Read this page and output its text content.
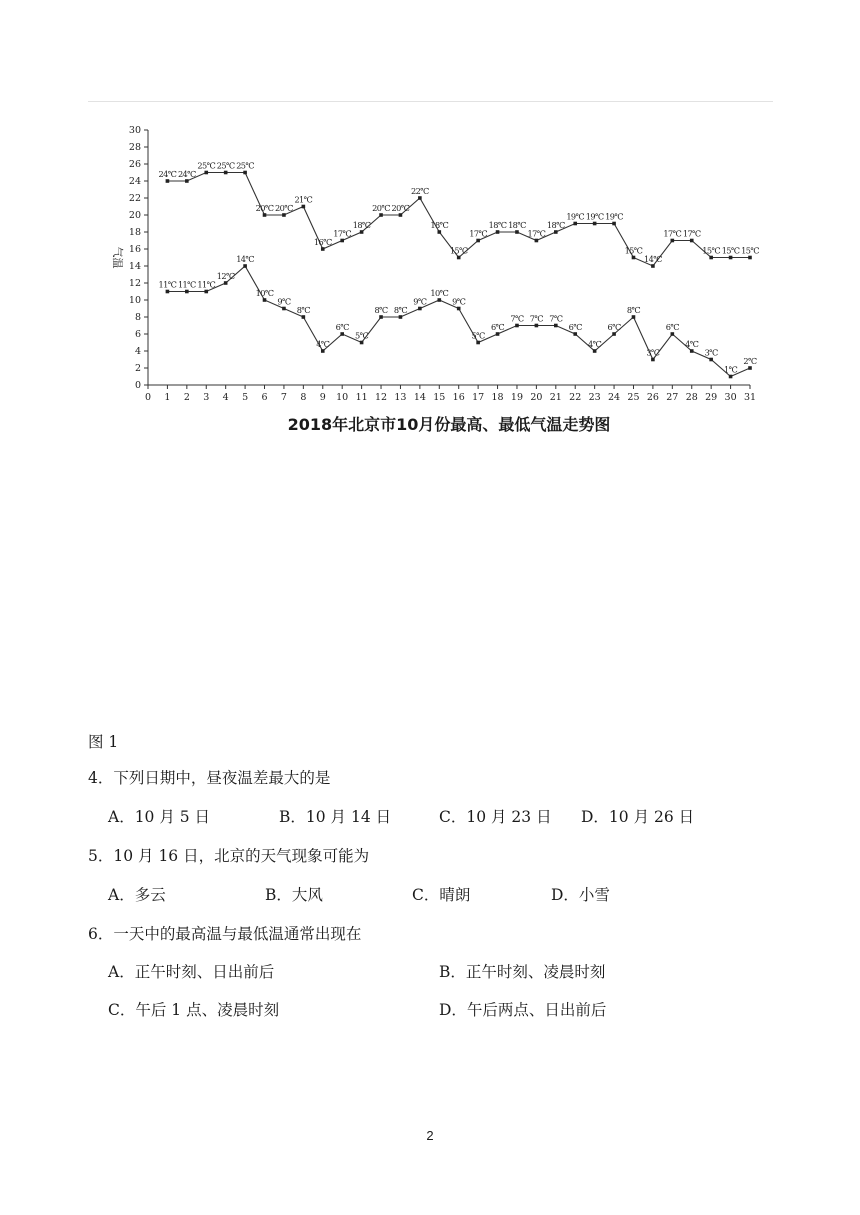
0
2
4
6
8
10
12
14
16
18
20
22
24
26
28
30
0 1 2 3 4 5 6 7 8 9 10 11 12 13 14 15 16 17 18 19 20 21 22 23 24 25 26 27 28 29 30 31
气温
24℃ 24℃
25℃ 25℃ 25℃
20℃ 20℃
21℃
16℃
17℃
18℃
20℃ 20℃
22℃
18℃
15℃
17℃
18℃ 18℃
17℃
18℃
19℃ 19℃ 19℃
15℃
14℃
17℃ 17℃
15℃ 15℃ 15℃
11℃ 11℃ 11℃
12℃
14℃
10℃
9℃
8℃
4℃
6℃
5℃
8℃ 8℃
9℃
10℃
9℃
5℃
6℃
7℃ 7℃ 7℃
6℃
4℃
6℃
8℃
3℃
6℃
4℃
3℃
1℃
2℃
2018年北京市10月份最高、最低气温走势图
图 1
4．下列日期中，昼夜温差最大的是
A．10 月 5 日	B．10 月 14 日	C．10 月 23 日 D．10 月 26 日
5．10 月 16 日，北京的天气现象可能为
A．多云	B．大风	C．晴朗	D．小雪
6．一天中的最高温与最低温通常出现在
A．正午时刻、日出前后	B．正午时刻、凌晨时刻
C．午后 1 点、凌晨时刻	D．午后两点、日出前后
2
